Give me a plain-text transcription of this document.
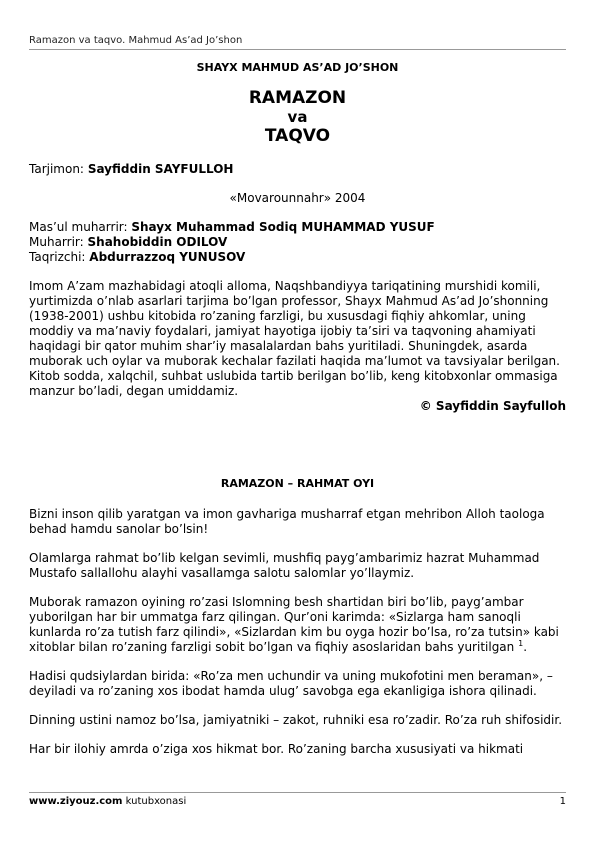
Ramazon va taqvo. Mahmud As’ad Jo’shon
SHAYX MAHMUD AS’AD JO’SHON
RAMAZON
va
TAQVO
Tarjimon: Sayfiddin SAYFULLOH
«Movarounnahr» 2004
Mas’ul muharrir: Shayx Muhammad Sodiq MUHAMMAD YUSUF
Muharrir: Shahobiddin ODILOV
Taqrizchi: Abdurrazzoq YUNUSOV
Imom A’zam mazhabidagi atoqli alloma, Naqshbandiyya tariqatining murshidi komili, yurtimizda o’nlab asarlari tarjima bo’lgan professor, Shayx Mahmud As’ad Jo’shonning (1938-2001) ushbu kitobida ro’zaning farzligi, bu xususdagi fiqhiy ahkomlar, uning moddiy va ma’naviy foydalari, jamiyat hayotiga ijobiy ta’siri va taqvoning ahamiyati haqidagi bir qator muhim shar’iy masalalardan bahs yuritiladi. Shuningdek, asarda muborak uch oylar va muborak kechalar fazilati haqida ma’lumot va tavsiyalar berilgan. Kitob sodda, xalqchil, suhbat uslubida tartib berilgan bo’lib, keng kitobxonlar ommasiga manzur bo’ladi, degan umiddamiz.
© Sayfiddin Sayfulloh
RAMAZON – RAHMAT OYI
Bizni inson qilib yaratgan va imon gavhariga musharraf etgan mehribon Alloh taologa behad hamdu sanolar bo’lsin!
Olamlarga rahmat bo’lib kelgan sevimli, mushfiq payg’ambarimiz hazrat Muhammad Mustafo sallallohu alayhi vasallamga salotu salomlar yo’llaymiz.
Muborak ramazon oyining ro’zasi Islomning besh shartidan biri bo’lib, payg’ambar yuborilgan har bir ummatga farz qilingan. Qur’oni karimda: «Sizlarga ham sanoqli kunlarda ro’za tutish farz qilindi», «Sizlardan kim bu oyga hozir bo’lsa, ro’za tutsin» kabi xitoblar bilan ro’zaning farzligi sobit bo’lgan va fiqhiy asoslaridan bahs yuritilgan $^1$.
Hadisi qudsiylardan birida: «Ro’za men uchundir va uning mukofotini men beraman», – deyiladi va ro’zaning xos ibodat hamda ulug’ savobga ega ekanligiga ishora qilinadi.
Dinning ustini namoz bo’lsa, jamiyatniki – zakot, ruhniki esa ro’zadir. Ro’za ruh shifosidir.
Har bir ilohiy amrda o’ziga xos hikmat bor. Ro’zaning barcha xususiyati va hikmati
www.ziyouz.com kutubxonasi	1
